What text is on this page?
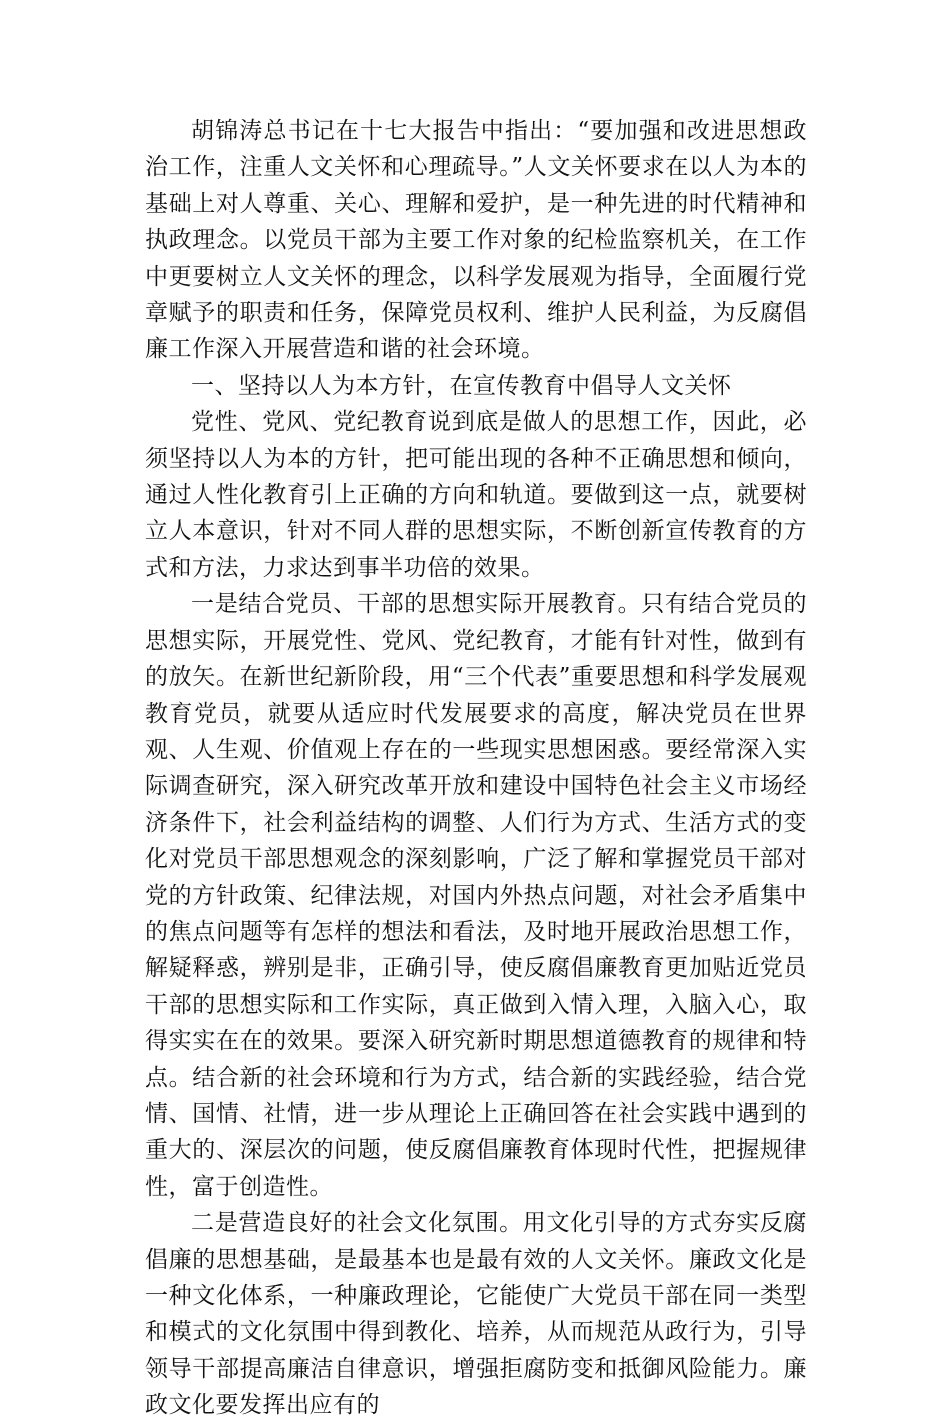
胡锦涛总书记在十七大报告中指出：“要加强和改进思想政治工作，注重人文关怀和心理疏导。”人文关怀要求在以人为本的基础上对人尊重、关心、理解和爱护，是一种先进的时代精神和执政理念。以党员干部为主要工作对象的纪检监察机关，在工作中更要树立人文关怀的理念，以科学发展观为指导，全面履行党章赋予的职责和任务，保障党员权利、维护人民利益，为反腐倡廉工作深入开展营造和谐的社会环境。

一、坚持以人为本方针，在宣传教育中倡导人文关怀

党性、党风、党纪教育说到底是做人的思想工作，因此，必须坚持以人为本的方针，把可能出现的各种不正确思想和倾向，通过人性化教育引上正确的方向和轨道。要做到这一点，就要树立人本意识，针对不同人群的思想实际，不断创新宣传教育的方式和方法，力求达到事半功倍的效果。

一是结合党员、干部的思想实际开展教育。只有结合党员的思想实际，开展党性、党风、党纪教育，才能有针对性，做到有的放矢。在新世纪新阶段，用“三个代表”重要思想和科学发展观教育党员，就要从适应时代发展要求的高度，解决党员在世界观、人生观、价值观上存在的一些现实思想困惑。要经常深入实际调查研究，深入研究改革开放和建设中国特色社会主义市场经济条件下，社会利益结构的调整、人们行为方式、生活方式的变化对党员干部思想观念的深刻影响，广泛了解和掌握党员干部对党的方针政策、纪律法规，对国内外热点问题，对社会矛盾集中的焦点问题等有怎样的想法和看法，及时地开展政治思想工作，解疑释惑，辨别是非，正确引导，使反腐倡廉教育更加贴近党员干部的思想实际和工作实际，真正做到入情入理，入脑入心，取得实实在在的效果。要深入研究新时期思想道德教育的规律和特点。结合新的社会环境和行为方式，结合新的实践经验，结合党情、国情、社情，进一步从理论上正确回答在社会实践中遇到的重大的、深层次的问题，使反腐倡廉教育体现时代性，把握规律性，富于创造性。

二是营造良好的社会文化氛围。用文化引导的方式夯实反腐倡廉的思想基础，是最基本也是最有效的人文关怀。廉政文化是一种文化体系，一种廉政理论，它能使广大党员干部在同一类型和模式的文化氛围中得到教化、培养，从而规范从政行为，引导领导干部提高廉洁自律意识，增强拒腐防变和抵御风险能力。廉政文化要发挥出应有的
